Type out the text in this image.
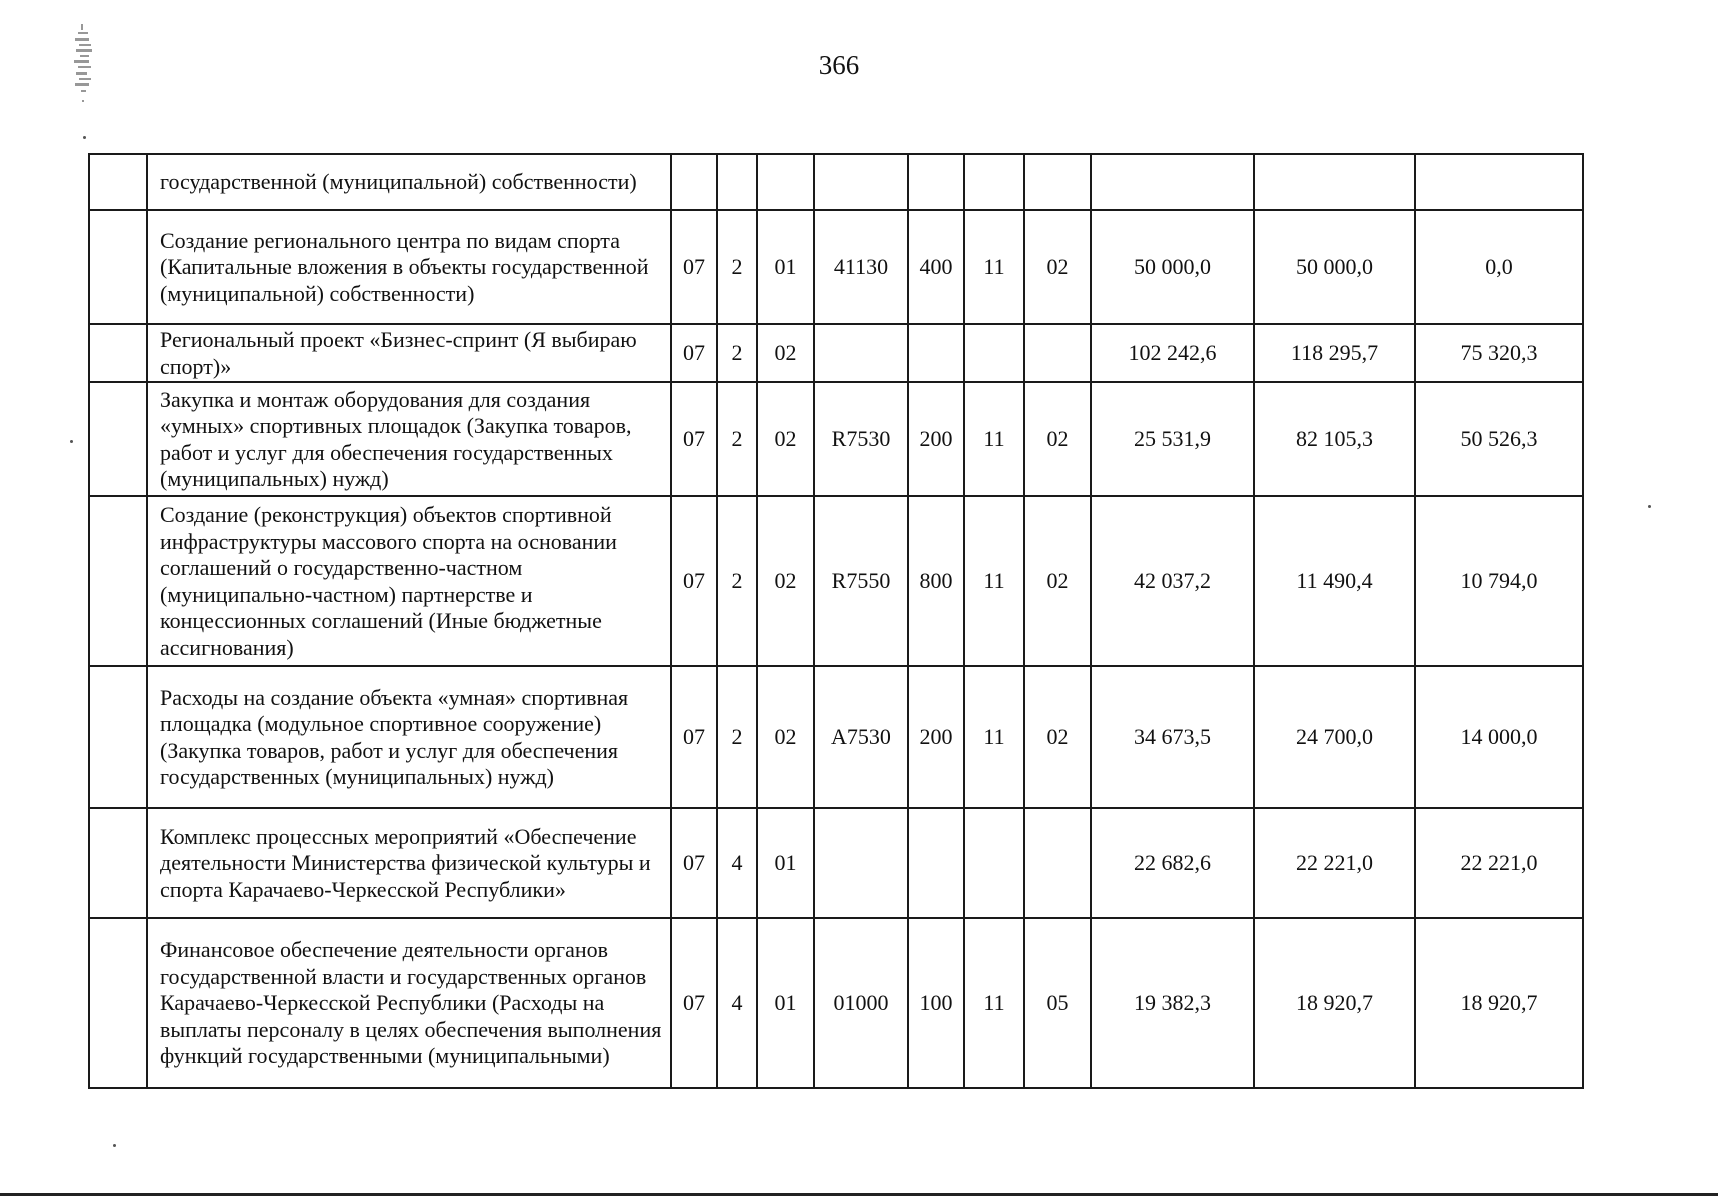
366
	государственной (муниципальной) собственности)										
	Создание регионального центра по видам спорта (Капитальные вложения в объекты государственной (муниципальной) собственности)	07	2	01	41130	400	11	02	50 000,0	50 000,0	0,0
	Региональный проект «Бизнес-спринт (Я выбираю спорт)»	07	2	02					102 242,6	118 295,7	75 320,3
	Закупка и монтаж оборудования для создания «умных» спортивных площадок (Закупка товаров, работ и услуг для обеспечения государственных (муниципальных) нужд)	07	2	02	R7530	200	11	02	25 531,9	82 105,3	50 526,3
	Создание (реконструкция) объектов спортивной инфраструктуры массового спорта на основании соглашений о государственно-частном (муниципально-частном) партнерстве и концессионных соглашений (Иные бюджетные ассигнования)	07	2	02	R7550	800	11	02	42 037,2	11 490,4	10 794,0
	Расходы на создание объекта «умная» спортивная площадка (модульное спортивное сооружение) (Закупка товаров, работ и услуг для обеспечения государственных (муниципальных) нужд)	07	2	02	A7530	200	11	02	34 673,5	24 700,0	14 000,0
	Комплекс процессных мероприятий «Обеспечение деятельности Министерства физической культуры и спорта Карачаево-Черкесской Республики»	07	4	01					22 682,6	22 221,0	22 221,0
	Финансовое обеспечение деятельности органов государственной власти и государственных органов Карачаево-Черкесской Республики (Расходы на выплаты персоналу в целях обеспечения выполнения функций государственными (муниципальными)	07	4	01	01000	100	11	05	19 382,3	18 920,7	18 920,7
